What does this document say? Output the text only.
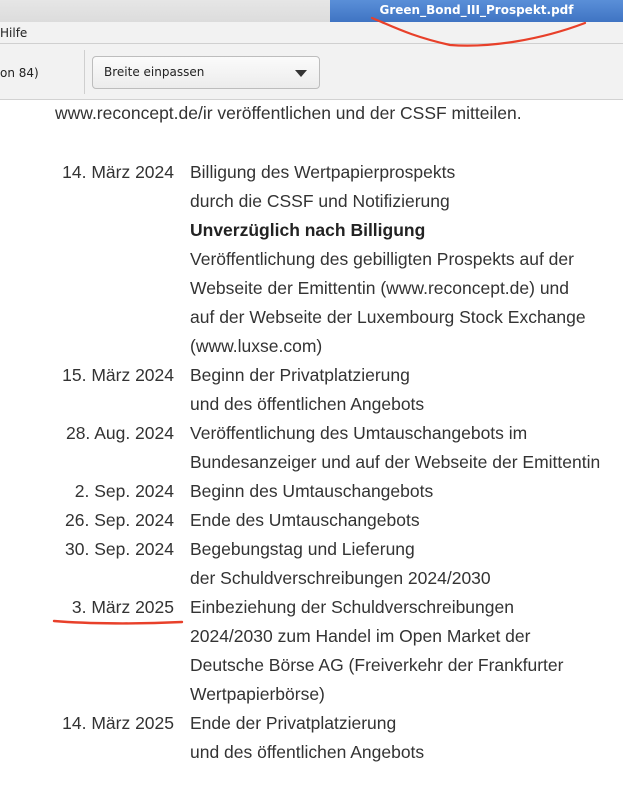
Green_Bond_III_Prospekt.pdf
Hilfe
on 84)	Breite einpassen
www.reconcept.de/ir veröffentlichen und der CSSF mitteilen.
14. März 2024 Billigung des Wertpapierprospekts
durch die CSSF und Notifizierung
Unverzüglich nach Billigung
Veröffentlichung des gebilligten Prospekts auf der
Webseite der Emittentin (www.reconcept.de) und
auf der Webseite der Luxembourg Stock Exchange
(www.luxse.com)
15. März 2024 Beginn der Privatplatzierung
und des öffentlichen Angebots
28. Aug. 2024 Veröffentlichung des Umtauschangebots im
Bundesanzeiger und auf der Webseite der Emittentin
2. Sep. 2024 Beginn des Umtauschangebots
26. Sep. 2024 Ende des Umtauschangebots
30. Sep. 2024 Begebungstag und Lieferung
der Schuldverschreibungen 2024/2030
3. März 2025 Einbeziehung der Schuldverschreibungen
2024/2030 zum Handel im Open Market der
Deutsche Börse AG (Freiverkehr der Frankfurter
Wertpapierbörse)
14. März 2025 Ende der Privatplatzierung
und des öffentlichen Angebots
